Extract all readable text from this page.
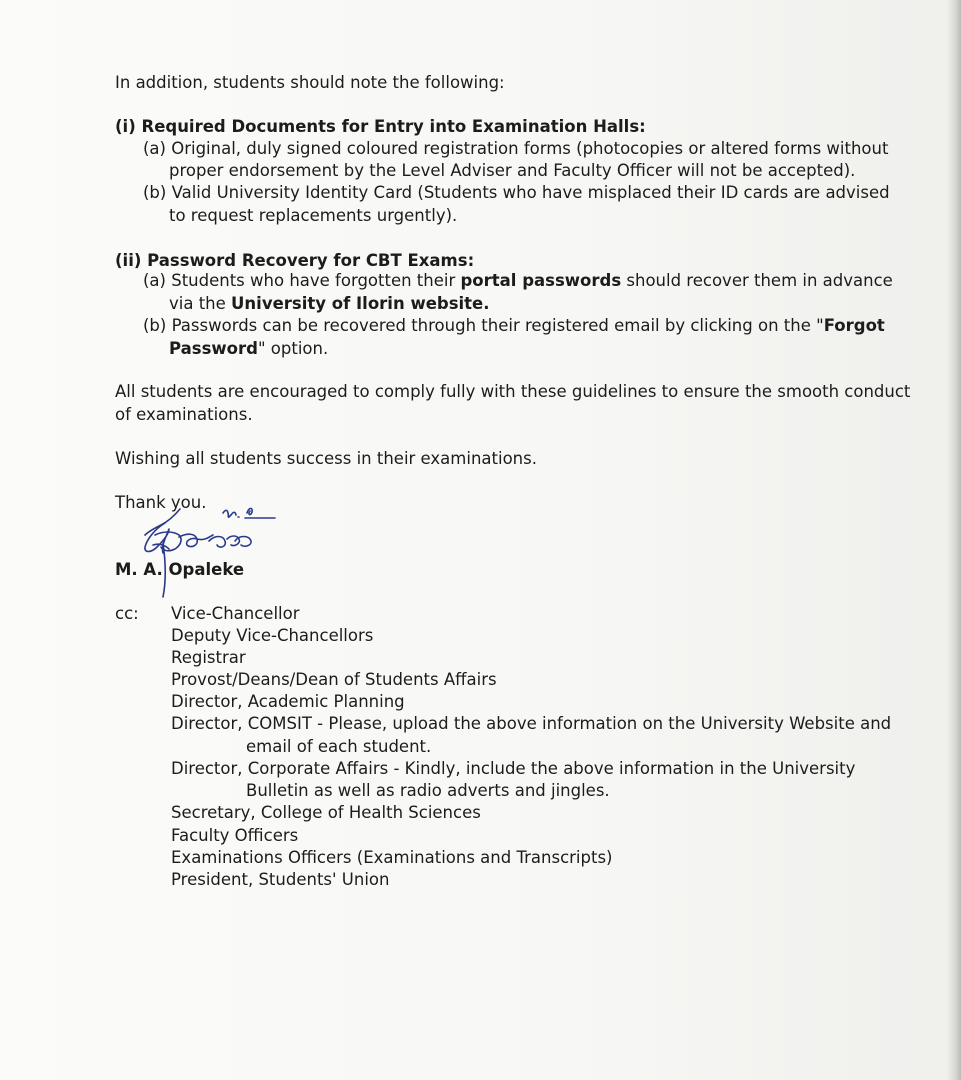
In addition, students should note the following:
(i) Required Documents for Entry into Examination Halls:
(a) Original, duly signed coloured registration forms (photocopies or altered forms without
proper endorsement by the Level Adviser and Faculty Officer will not be accepted).
(b) Valid University Identity Card (Students who have misplaced their ID cards are advised
to request replacements urgently).
(ii) Password Recovery for CBT Exams:
(a) Students who have forgotten their portal passwords should recover them in advance
via the University of Ilorin website.
(b) Passwords can be recovered through their registered email by clicking on the "Forgot
Password" option.
All students are encouraged to comply fully with these guidelines to ensure the smooth conduct
of examinations.
Wishing all students success in their examinations.
Thank you.
M. A. Opaleke
cc: Vice-Chancellor
Deputy Vice-Chancellors
Registrar
Provost/Deans/Dean of Students Affairs
Director, Academic Planning
Director, COMSIT - Please, upload the above information on the University Website and
email of each student.
Director, Corporate Affairs - Kindly, include the above information in the University
Bulletin as well as radio adverts and jingles.
Secretary, College of Health Sciences
Faculty Officers
Examinations Officers (Examinations and Transcripts)
President, Students' Union
